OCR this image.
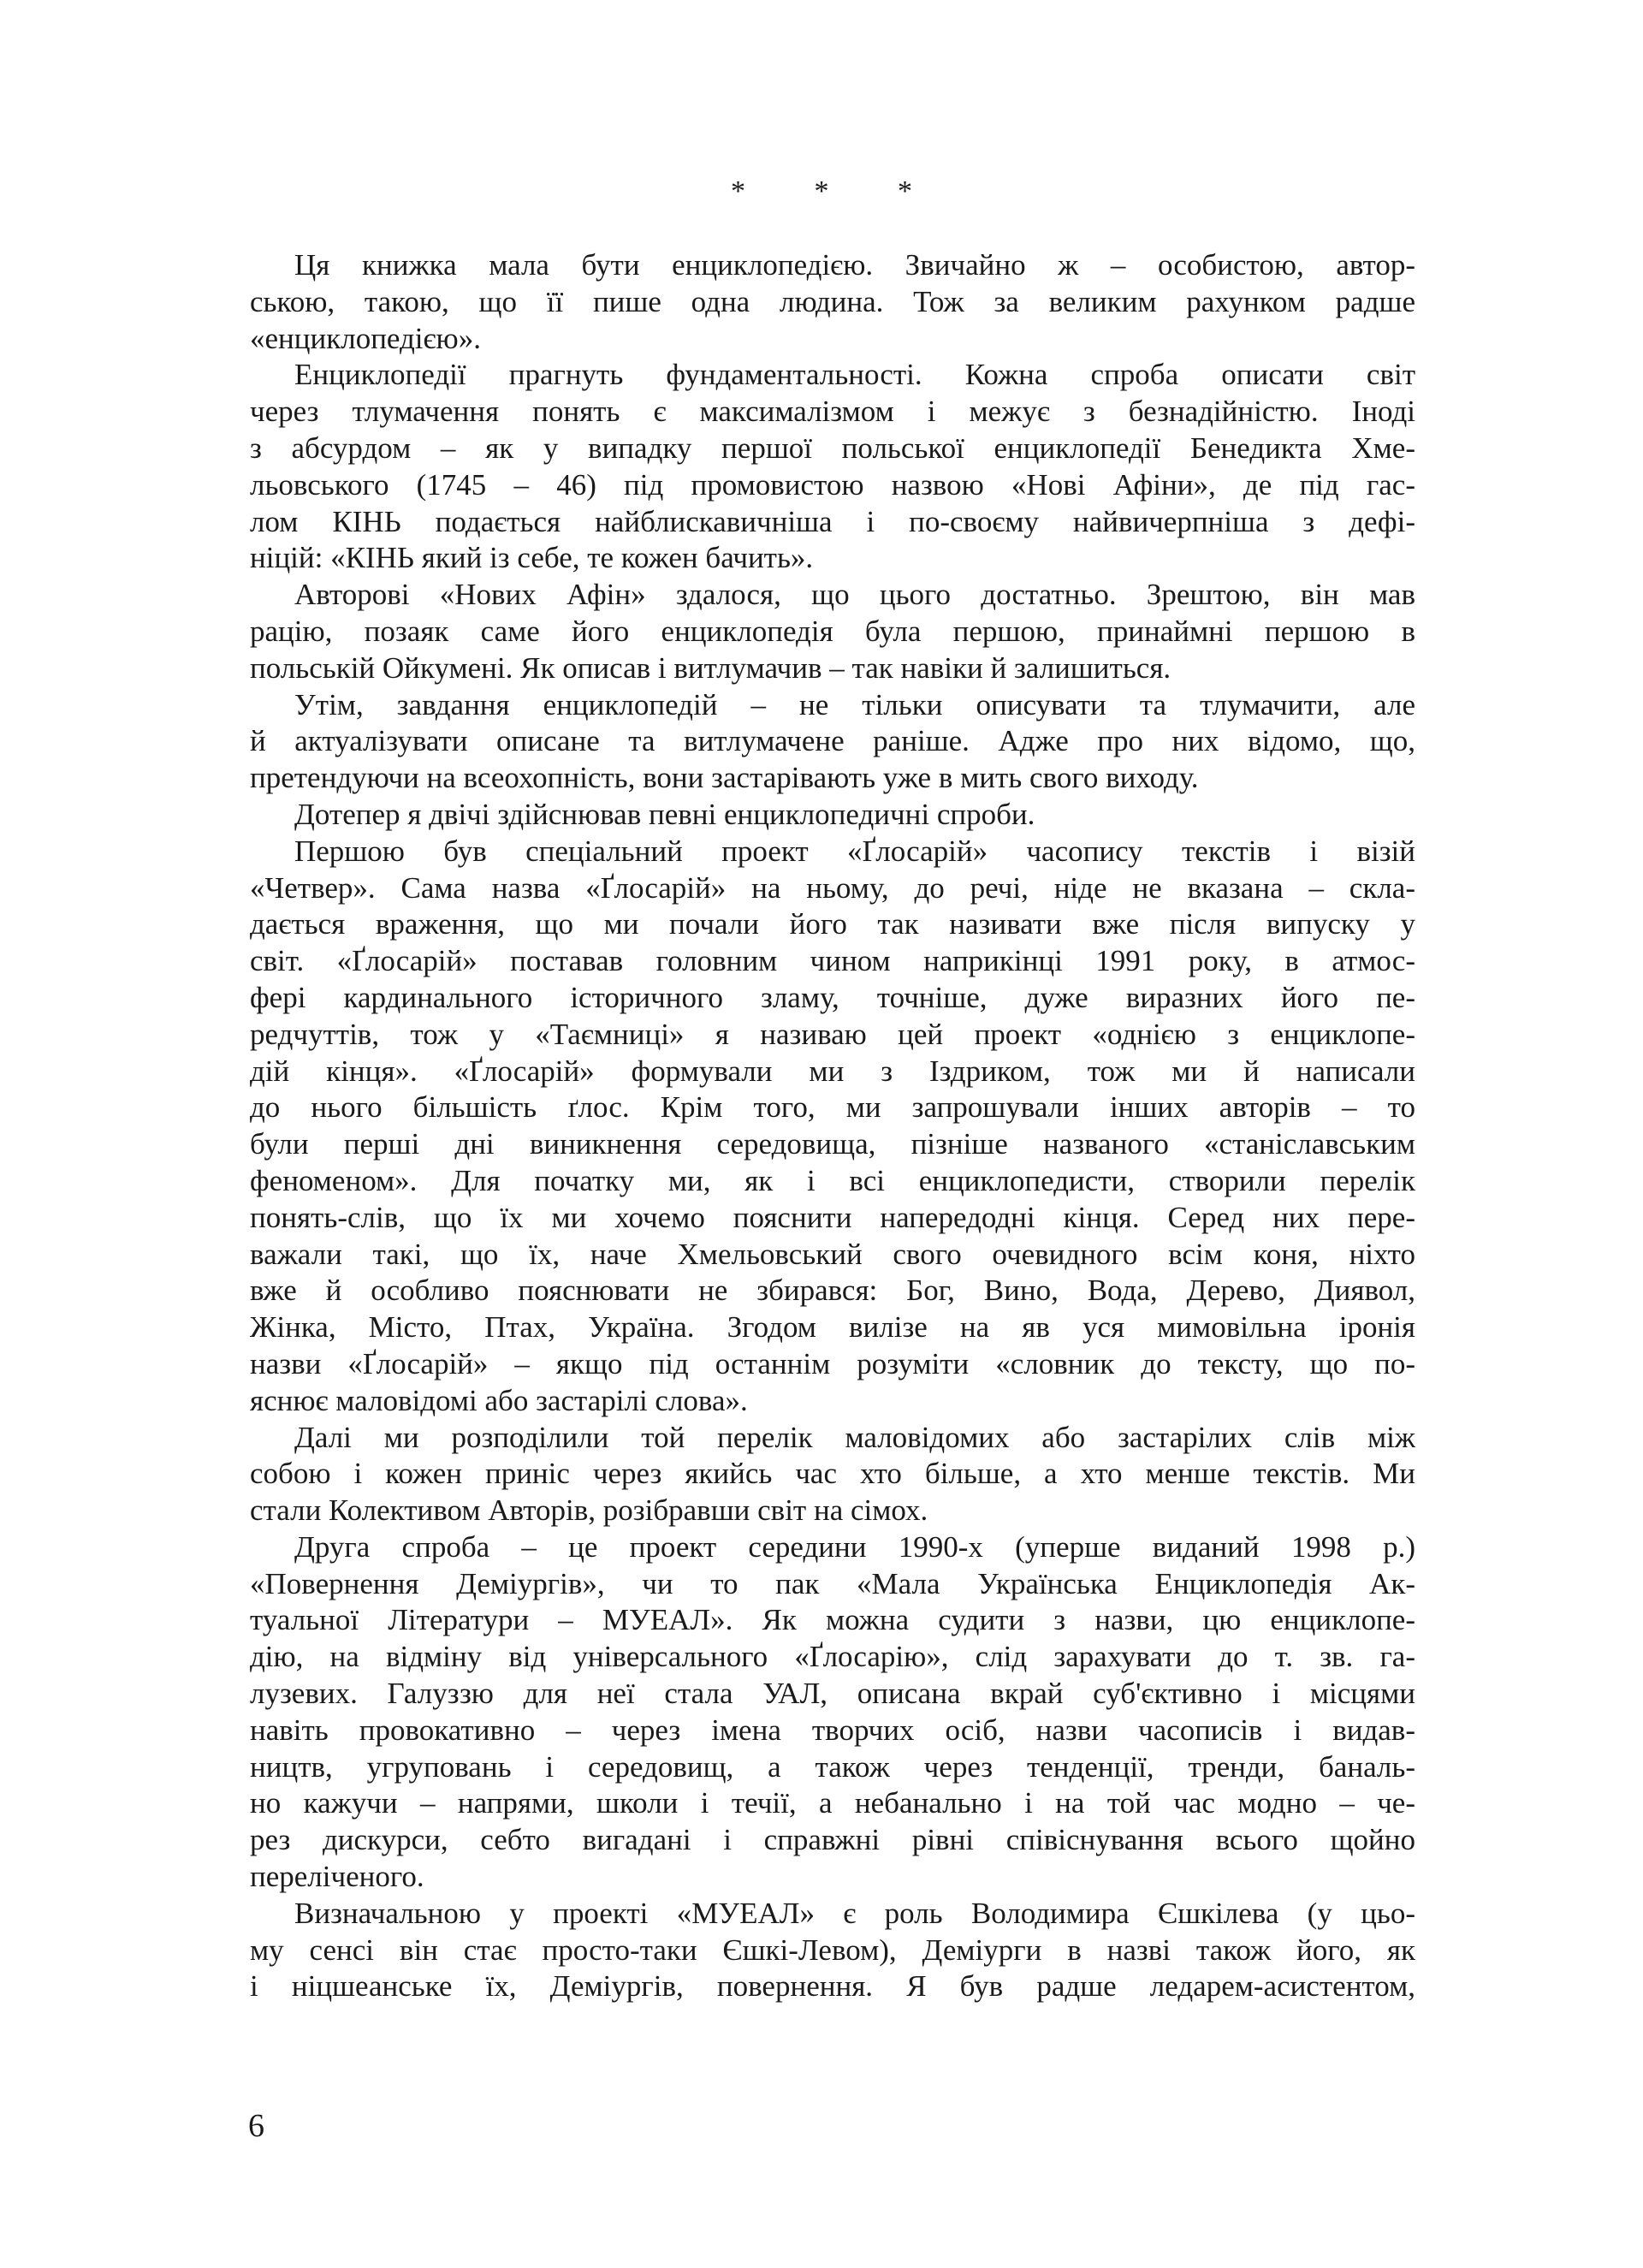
* * *
Ця книжка мала бути енциклопедією. Звичайно ж – особистою, автор-
ською, такою, що її пише одна людина. Тож за великим рахунком радше
«енциклопедією».
Енциклопедії прагнуть фундаментальності. Кожна спроба описати світ
через тлумачення понять є максималізмом і межує з безнадійністю. Іноді
з абсурдом – як у випадку першої польської енциклопедії Бенедикта Хме-
льовського (1745 – 46) під промовистою назвою «Нові Афіни», де під гас-
лом КІНЬ подається найблискавичніша і по-своєму найвичерпніша з дефі-
ніцій: «КІНЬ який із себе, те кожен бачить».
Авторові «Нових Афін» здалося, що цього достатньо. Зрештою, він мав
рацію, позаяк саме його енциклопедія була першою, принаймні першою в
польській Ойкумені. Як описав і витлумачив – так навіки й залишиться.
Утім, завдання енциклопедій – не тільки описувати та тлумачити, але
й актуалізувати описане та витлумачене раніше. Адже про них відомо, що,
претендуючи на всеохопність, вони застарівають уже в мить свого виходу.
Дотепер я двічі здійснював певні енциклопедичні спроби.
Першою був спеціальний проект «Ґлосарій» часопису текстів і візій
«Четвер». Сама назва «Ґлосарій» на ньому, до речі, ніде не вказана – скла-
дається враження, що ми почали його так називати вже після випуску у
світ. «Ґлосарій» поставав головним чином наприкінці 1991 року, в атмос-
фері кардинального історичного зламу, точніше, дуже виразних його пе-
редчуттів, тож у «Таємниці» я називаю цей проект «однією з енциклопе-
дій кінця». «Ґлосарій» формували ми з Іздриком, тож ми й написали
до нього більшість ґлос. Крім того, ми запрошували інших авторів – то
були перші дні виникнення середовища, пізніше названого «станіславським
феноменом». Для початку ми, як і всі енциклопедисти, створили перелік
понять-слів, що їх ми хочемо пояснити напередодні кінця. Серед них пере-
важали такі, що їх, наче Хмельовський свого очевидного всім коня, ніхто
вже й особливо пояснювати не збирався: Бог, Вино, Вода, Дерево, Диявол,
Жінка, Місто, Птах, Україна. Згодом вилізе на яв уся мимовільна іронія
назви «Ґлосарій» – якщо під останнім розуміти «словник до тексту, що по-
яснює маловідомі або застарілі слова».
Далі ми розподілили той перелік маловідомих або застарілих слів між
собою і кожен приніс через якийсь час хто більше, а хто менше текстів. Ми
стали Колективом Авторів, розібравши світ на сімох.
Друга спроба – це проект середини 1990-х (уперше виданий 1998 р.)
«Повернення Деміургів», чи то пак «Мала Українська Енциклопедія Ак-
туальної Літератури – МУЕАЛ». Як можна судити з назви, цю енциклопе-
дію, на відміну від універсального «Ґлосарію», слід зарахувати до т. зв. га-
лузевих. Галуззю для неї стала УАЛ, описана вкрай суб'єктивно і місцями
навіть провокативно – через імена творчих осіб, назви часописів і видав-
ництв, угруповань і середовищ, а також через тенденції, тренди, баналь-
но кажучи – напрями, школи і течії, а небанально і на той час модно – че-
рез дискурси, себто вигадані і справжні рівні співіснування всього щойно
переліченого.
Визначальною у проекті «МУЕАЛ» є роль Володимира Єшкілева (у цьо-
му сенсі він стає просто-таки Єшкі-Левом), Деміурги в назві також його, як
і ніцшеанське їх, Деміургів, повернення. Я був радше ледарем-асистентом,
6
